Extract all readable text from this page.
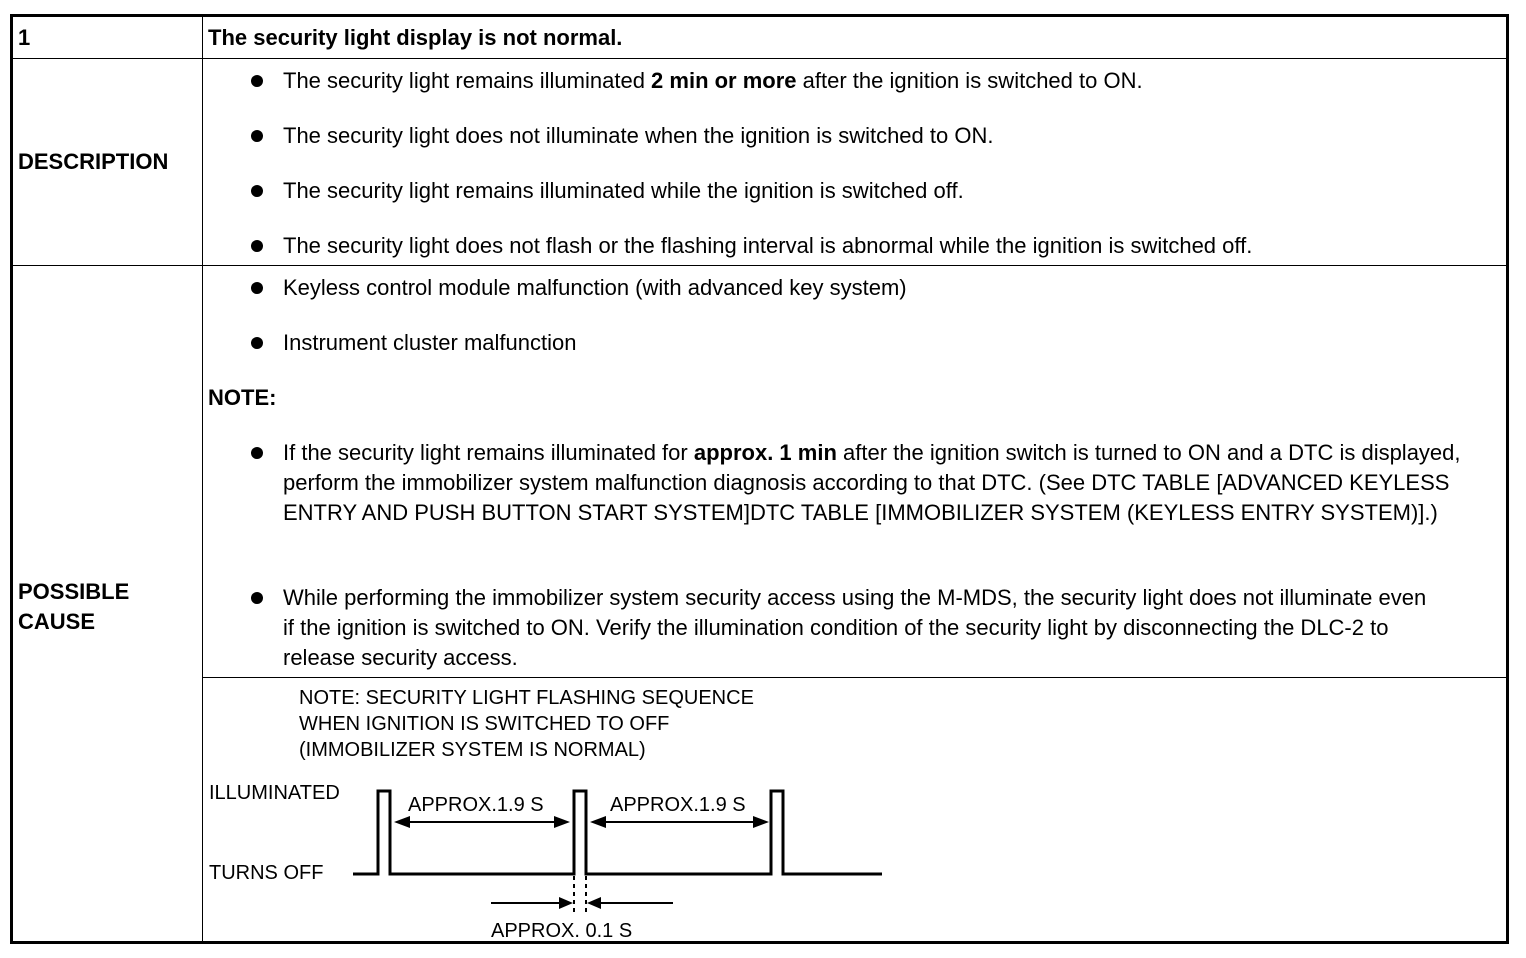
1	The security light display is not normal.
DESCRIPTION
The security light remains illuminated 2 min or more after the ignition is switched to ON.
The security light does not illuminate when the ignition is switched to ON.
The security light remains illuminated while the ignition is switched off.
The security light does not flash or the flashing interval is abnormal while the ignition is switched off.
POSSIBLE
CAUSE
Keyless control module malfunction (with advanced key system)
Instrument cluster malfunction
NOTE:
If the security light remains illuminated for approx. 1 min after the ignition switch is turned to ON and a DTC is displayed, perform the immobilizer system malfunction diagnosis according to that DTC. (See DTC TABLE [ADVANCED KEYLESS ENTRY AND PUSH BUTTON START SYSTEM]DTC TABLE [IMMOBILIZER SYSTEM (KEYLESS ENTRY SYSTEM)].)
While performing the immobilizer system security access using the M-MDS, the security light does not illuminate even if the ignition is switched to ON. Verify the illumination condition of the security light by disconnecting the DLC-2 to release security access.
NOTE: SECURITY LIGHT FLASHING SEQUENCE
WHEN IGNITION IS SWITCHED TO OFF
(IMMOBILIZER SYSTEM IS NORMAL)
ILLUMINATED
TURNS OFF
APPROX.1.9 S	APPROX.1.9 S
APPROX. 0.1 S
